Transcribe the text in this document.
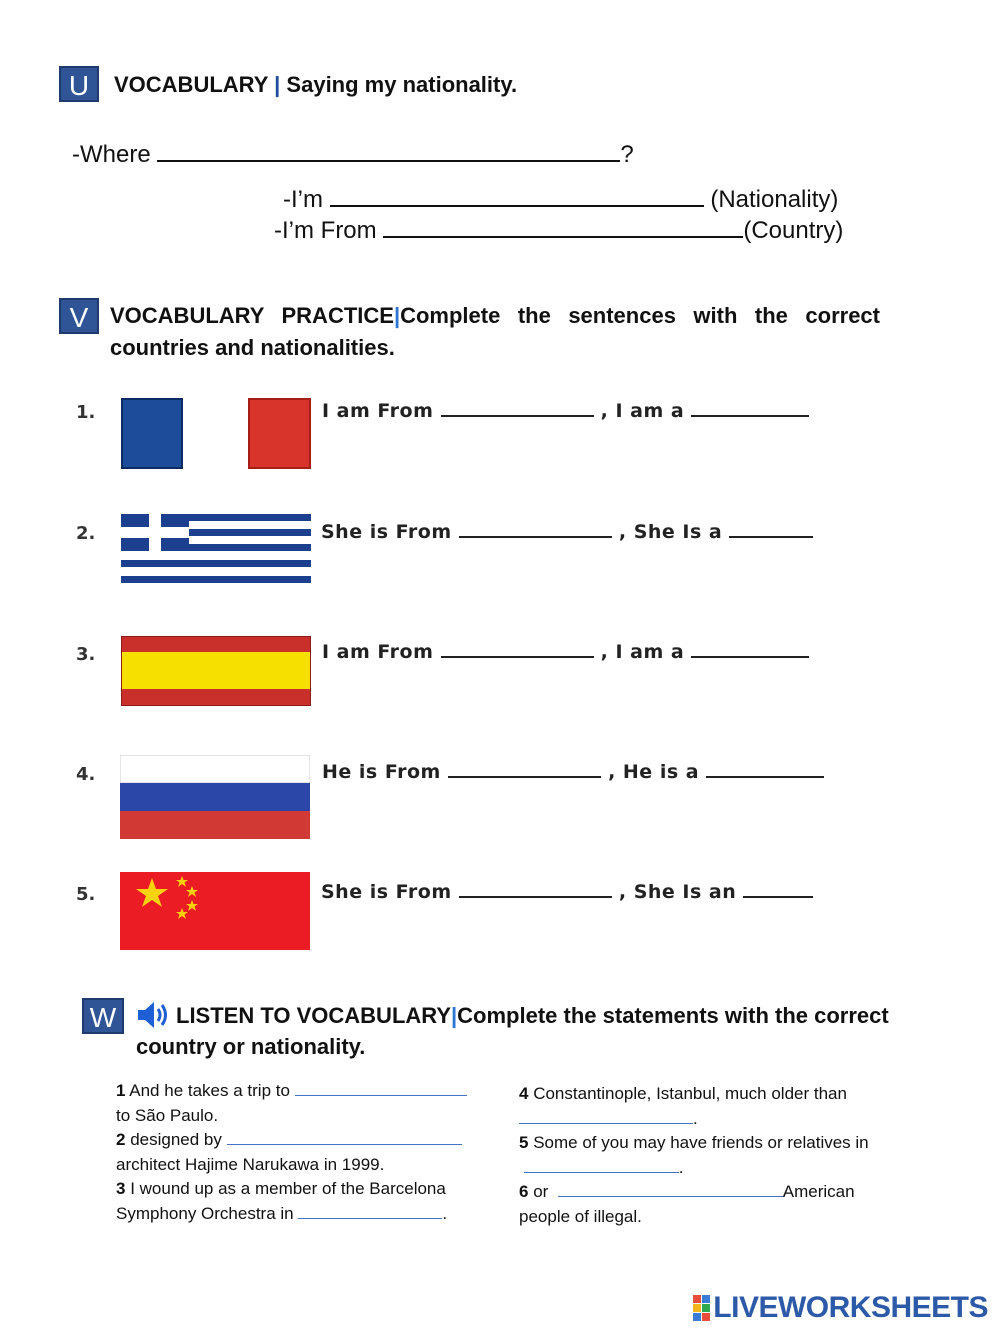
U	VOCABULARY | Saying my nationality.
-Where	?
-I’m	(Nationality)
-I’m From	(Country)
V VOCABULARY PRACTICE|Complete the sentences with the correct
countries and nationalities.
1.	I am From	, I am a
2.	She is From	, She Is a
3.	I am From	, I am a
4.	He is From	, He is a
5.	She is From	, She Is an
W	LISTEN TO VOCABULARY|Complete the statements with the correct
country or nationality.
1 And he takes a trip to
to São Paulo.
2 designed by
architect Hajime Narukawa in 1999.
3 I wound up as a member of the Barcelona
Symphony Orchestra in	.
4 Constantinople, Istanbul, much older than
.
5 Some of you may have friends or relatives in
.
6 or	American
people of illegal.
LIVEWORKSHEETS
